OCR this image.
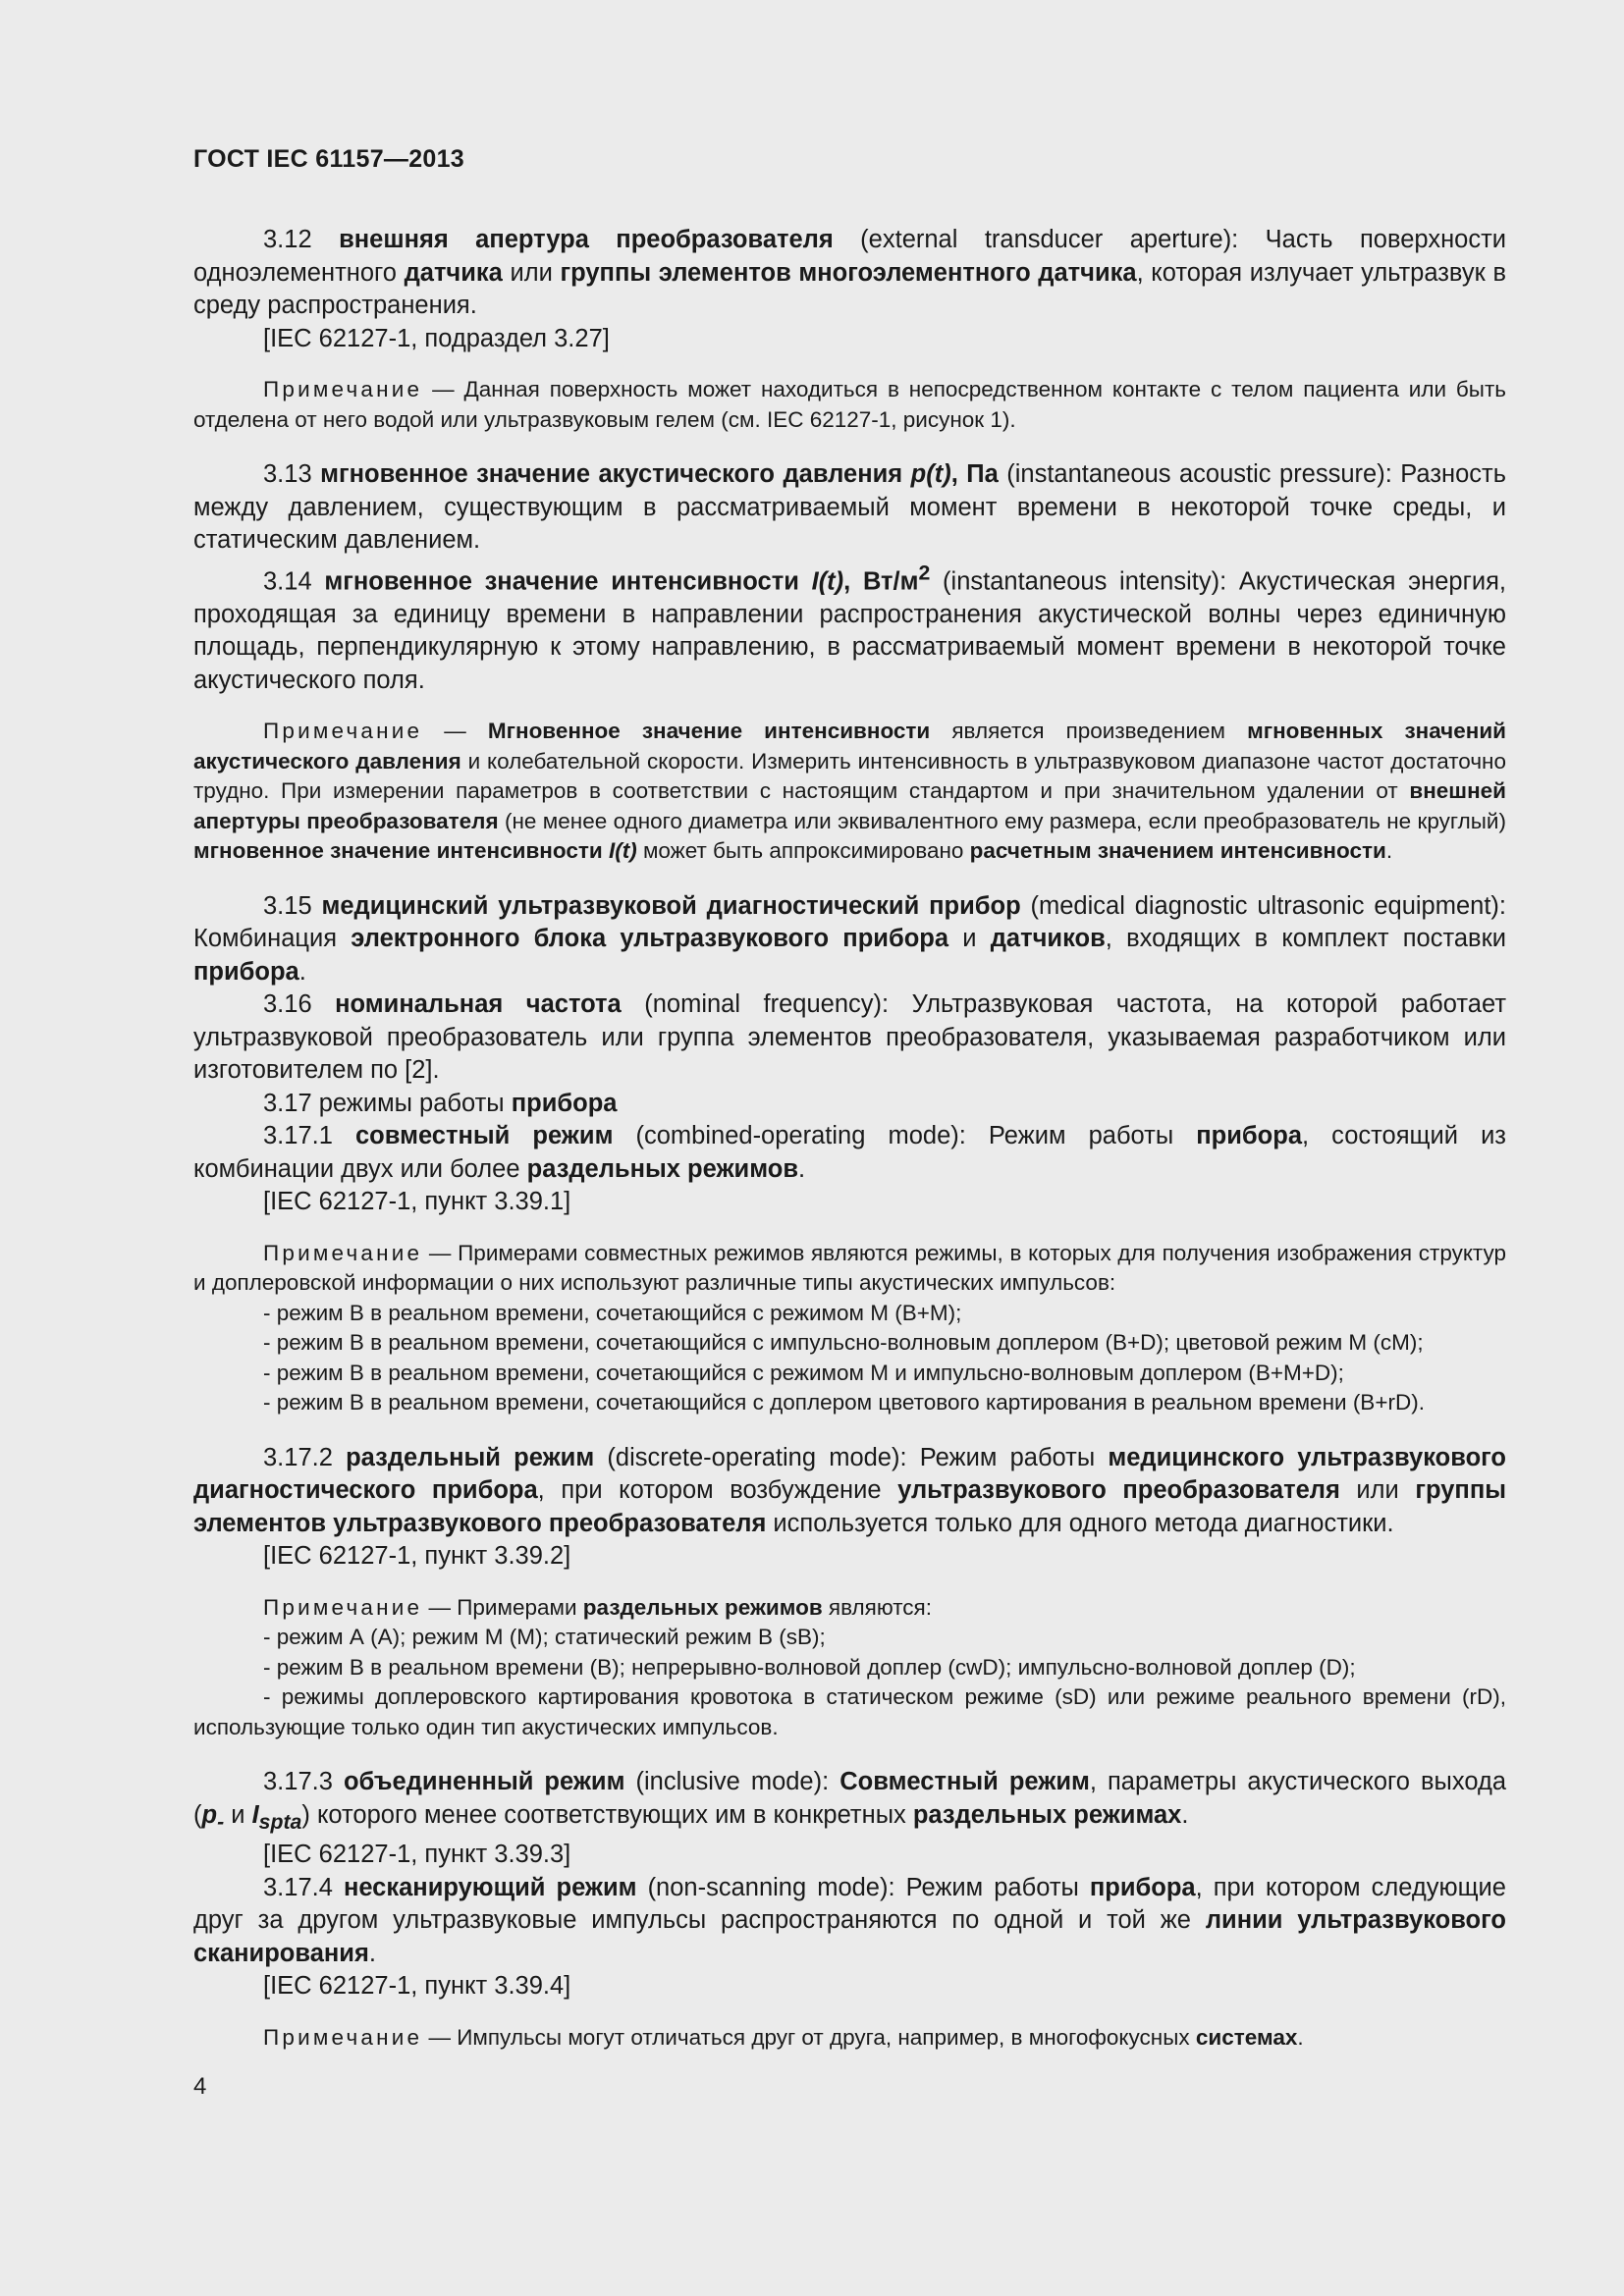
ГОСТ IEC 61157—2013

3.12 внешняя апертура преобразователя (external transducer aperture): Часть поверхности одноэлементного датчика или группы элементов многоэлементного датчика, которая излучает ультразвук в среду распространения.

[IEC 62127-1, подраздел 3.27]

Примечание — Данная поверхность может находиться в непосредственном контакте с телом пациента или быть отделена от него водой или ультразвуковым гелем (см. IEC 62127-1, рисунок 1).

3.13 мгновенное значение акустического давления p(t), Па (instantaneous acoustic pressure): Разность между давлением, существующим в рассматриваемый момент времени в некоторой точке среды, и статическим давлением.

3.14 мгновенное значение интенсивности I(t), $Вт/м^2$ (instantaneous intensity): Акустическая энергия, проходящая за единицу времени в направлении распространения акустической волны через единичную площадь, перпендикулярную к этому направлению, в рассматриваемый момент времени в некоторой точке акустического поля.

Примечание — Мгновенное значение интенсивности является произведением мгновенных значений акустического давления и колебательной скорости. Измерить интенсивность в ультразвуковом диапазоне частот достаточно трудно. При измерении параметров в соответствии с настоящим стандартом и при значительном удалении от внешней апертуры преобразователя (не менее одного диаметра или эквивалентного ему размера, если преобразователь не круглый) мгновенное значение интенсивности I(t) может быть аппроксимировано расчетным значением интенсивности.

3.15 медицинский ультразвуковой диагностический прибор (medical diagnostic ultrasonic equipment): Комбинация электронного блока ультразвукового прибора и датчиков, входящих в комплект поставки прибора.

3.16 номинальная частота (nominal frequency): Ультразвуковая частота, на которой работает ультразвуковой преобразователь или группа элементов преобразователя, указываемая разработчиком или изготовителем по [2].

3.17 режимы работы прибора

3.17.1 совместный режим (combined-operating mode): Режим работы прибора, состоящий из комбинации двух или более раздельных режимов.

[IEC 62127-1, пункт 3.39.1]

Примечание — Примерами совместных режимов являются режимы, в которых для получения изображения структур и доплеровской информации о них используют различные типы акустических импульсов:

- режим В в реальном времени, сочетающийся с режимом М (В+М);

- режим В в реальном времени, сочетающийся с импульсно-волновым доплером (В+D); цветовой режим М (сМ);

- режим В в реальном времени, сочетающийся с режимом М и импульсно-волновым доплером (В+М+D);

- режим В в реальном времени, сочетающийся с доплером цветового картирования в реальном времени (В+rD).

3.17.2 раздельный режим (discrete-operating mode): Режим работы медицинского ультразвукового диагностического прибора, при котором возбуждение ультразвукового преобразователя или группы элементов ультразвукового преобразователя используется только для одного метода диагностики.

[IEC 62127-1, пункт 3.39.2]

Примечание — Примерами раздельных режимов являются:

- режим А (А); режим М (М); статический режим В (sB);

- режим В в реальном времени (В); непрерывно-волновой доплер (cwD); импульсно-волновой доплер (D);

- режимы доплеровского картирования кровотока в статическом режиме (sD) или режиме реального времени (rD), использующие только один тип акустических импульсов.

3.17.3 объединенный режим (inclusive mode): Совместный режим, параметры акустического выхода ($p_-$ и $I_{spta}$) которого менее соответствующих им в конкретных раздельных режимах.

[IEC 62127-1, пункт 3.39.3]

3.17.4 несканирующий режим (non-scanning mode): Режим работы прибора, при котором следующие друг за другом ультразвуковые импульсы распространяются по одной и той же линии ультразвукового сканирования.

[IEC 62127-1, пункт 3.39.4]

Примечание — Импульсы могут отличаться друг от друга, например, в многофокусных системах.

4
